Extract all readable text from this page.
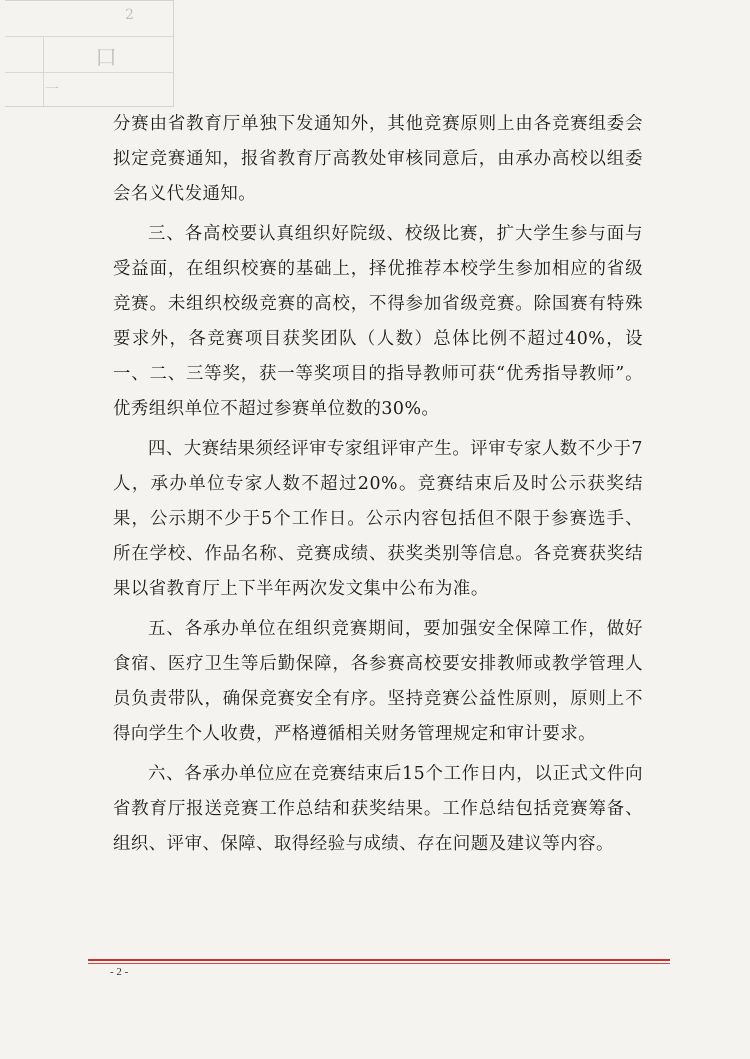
2
口
一

分赛由省教育厅单独下发通知外，其他竞赛原则上由各竞赛组委会拟定竞赛通知，报省教育厅高教处审核同意后，由承办高校以组委会名义代发通知。

三、各高校要认真组织好院级、校级比赛，扩大学生参与面与受益面，在组织校赛的基础上，择优推荐本校学生参加相应的省级竞赛。未组织校级竞赛的高校，不得参加省级竞赛。除国赛有特殊要求外，各竞赛项目获奖团队（人数）总体比例不超过40%，设一、二、三等奖，获一等奖项目的指导教师可获“优秀指导教师”。优秀组织单位不超过参赛单位数的30%。

四、大赛结果须经评审专家组评审产生。评审专家人数不少于7人，承办单位专家人数不超过20%。竞赛结束后及时公示获奖结果，公示期不少于5个工作日。公示内容包括但不限于参赛选手、所在学校、作品名称、竞赛成绩、获奖类别等信息。各竞赛获奖结果以省教育厅上下半年两次发文集中公布为准。

五、各承办单位在组织竞赛期间，要加强安全保障工作，做好食宿、医疗卫生等后勤保障，各参赛高校要安排教师或教学管理人员负责带队，确保竞赛安全有序。坚持竞赛公益性原则，原则上不得向学生个人收费，严格遵循相关财务管理规定和审计要求。

六、各承办单位应在竞赛结束后15个工作日内，以正式文件向省教育厅报送竞赛工作总结和获奖结果。工作总结包括竞赛筹备、组织、评审、保障、取得经验与成绩、存在问题及建议等内容。

- 2 -
